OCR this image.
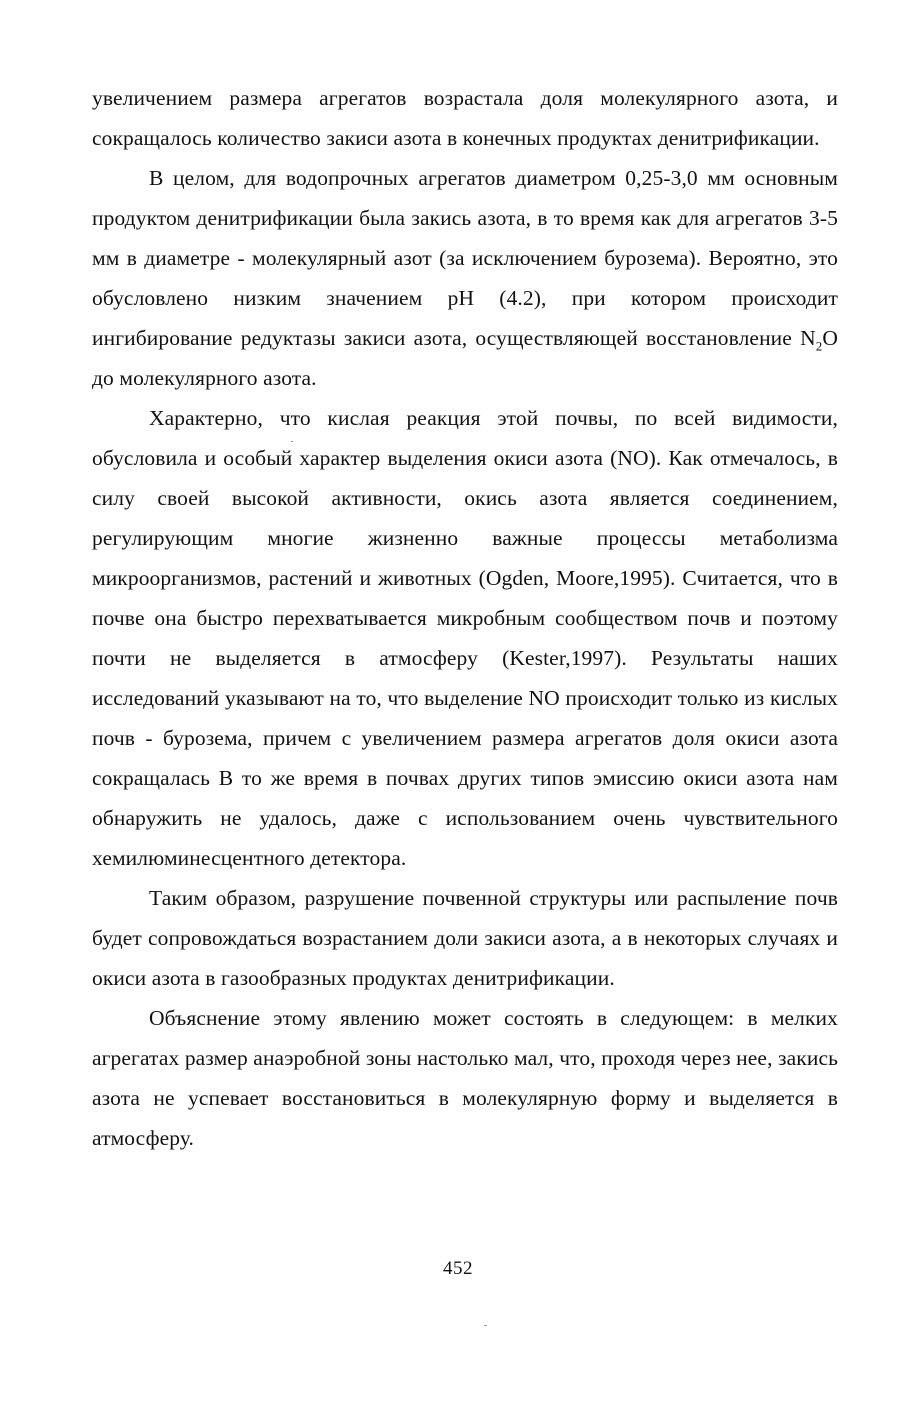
увеличением размера агрегатов возрастала доля молекулярного азота, и сокращалось количество закиси азота в конечных продуктах денитрификации.

В целом, для водопрочных агрегатов диаметром 0,25-3,0 мм основным продуктом денитрификации была закись азота, в то время как для агрегатов 3-5 мм в диаметре - молекулярный азот (за исключением бурозема). Вероятно, это обусловлено низким значением pH (4.2), при котором происходит ингибирование редуктазы закиси азота, осуществляющей восстановление $N_2O$ до молекулярного азота.

Характерно, что кислая реакция этой почвы, по всей видимости, обусловила и особый характер выделения окиси азота (NO). Как отмечалось, в силу своей высокой активности, окись азота является соединением, регулирующим многие жизненно важные процессы метаболизма микроорганизмов, растений и животных (Ogden, Moore,1995). Считается, что в почве она быстро перехватывается микробным сообществом почв и поэтому почти не выделяется в атмосферу (Kester,1997). Результаты наших исследований указывают на то, что выделение NO происходит только из кислых почв - бурозема, причем с увеличением размера агрегатов доля окиси азота сокращалась В то же время в почвах других типов эмиссию окиси азота нам обнаружить не удалось, даже с использованием очень чувствительного хемилюминесцентного детектора.

Таким образом, разрушение почвенной структуры или распыление почв будет сопровождаться возрастанием доли закиси азота, а в некоторых случаях и окиси азота в газообразных продуктах денитрификации.

Объяснение этому явлению может состоять в следующем: в мелких агрегатах размер анаэробной зоны настолько мал, что, проходя через нее, закись азота не успевает восстановиться в молекулярную форму и выделяется в атмосферу.

452
